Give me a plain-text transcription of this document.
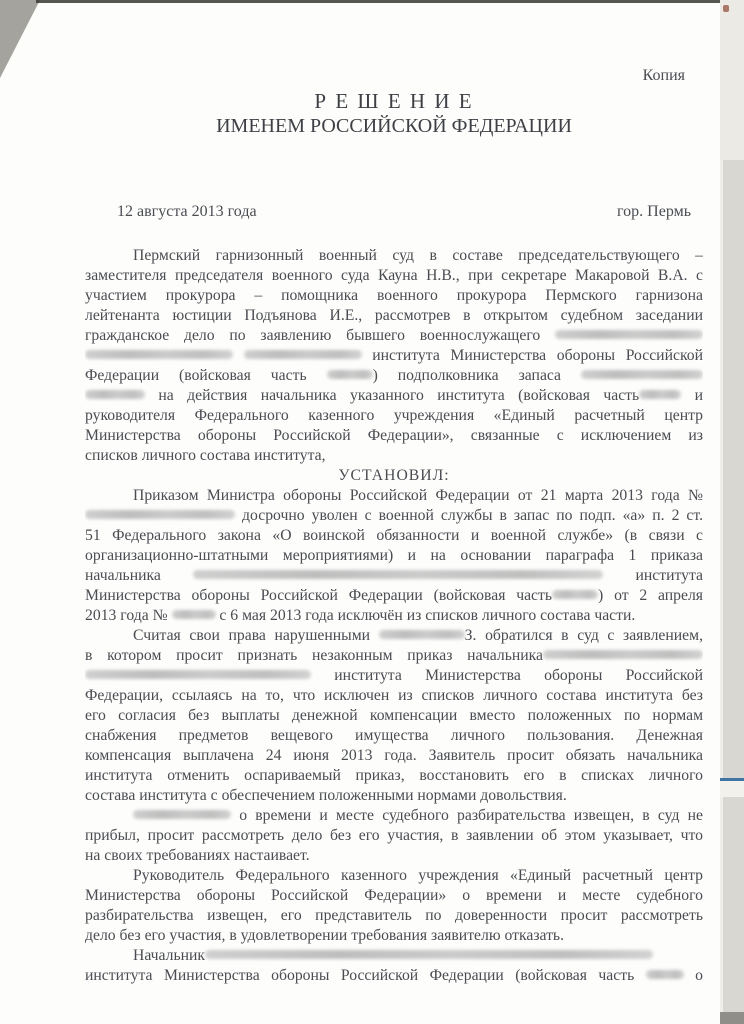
Копия
Р Е Ш Е Н И Е
ИМЕНЕМ РОССИЙСКОЙ ФЕДЕРАЦИИ
12 августа 2013 года	гор. Пермь
Пермский гарнизонный военный суд в составе председательствующего –
заместителя председателя военного суда Кауна Н.В., при секретаре Макаровой В.А. с
участием прокурора – помощника военного прокурора Пермского гарнизона
лейтенанта юстиции Подъянова И.Е., рассмотрев в открытом судебном заседании
гражданское дело по заявлению бывшего военнослужащего
института Министерства обороны Российской
Федерации (войсковая часть	) подполковника запаса
на действия начальника указанного института (войсковая часть	и
руководителя Федерального казенного учреждения «Единый расчетный центр
Министерства обороны Российской Федерации», связанные с исключением из
списков личного состава института,
УСТАНОВИЛ:
Приказом Министра обороны Российской Федерации от 21 марта 2013 года №
досрочно уволен с военной службы в запас по подп. «а» п. 2 ст.
51 Федерального закона «О воинской обязанности и военной службе» (в связи с
организационно-штатными мероприятиями) и на основании параграфа 1 приказа
начальника	института
Министерства обороны Российской Федерации (войсковая часть	) от 2 апреля
2013 года №	с 6 мая 2013 года исключён из списков личного состава части.
Считая свои права нарушенными	З. обратился в суд с заявлением,
в котором просит признать незаконным приказ начальника
института Министерства обороны Российской
Федерации, ссылаясь на то, что исключен из списков личного состава института без
его согласия без выплаты денежной компенсации вместо положенных по нормам
снабжения предметов вещевого имущества личного пользования. Денежная
компенсация выплачена 24 июня 2013 года. Заявитель просит обязать начальника
института отменить оспариваемый приказ, восстановить его в списках личного
состава института с обеспечением положенными нормами довольствия.
о времени и месте судебного разбирательства извещен, в суд не
прибыл, просит рассмотреть дело без его участия, в заявлении об этом указывает, что
на своих требованиях настаивает.
Руководитель Федерального казенного учреждения «Единый расчетный центр
Министерства обороны Российской Федерации» о времени и месте судебного
разбирательства извещен, его представитель по доверенности просит рассмотреть
дело без его участия, в удовлетворении требования заявителю отказать.
Начальник
института Министерства обороны Российской Федерации (войсковая часть  о
